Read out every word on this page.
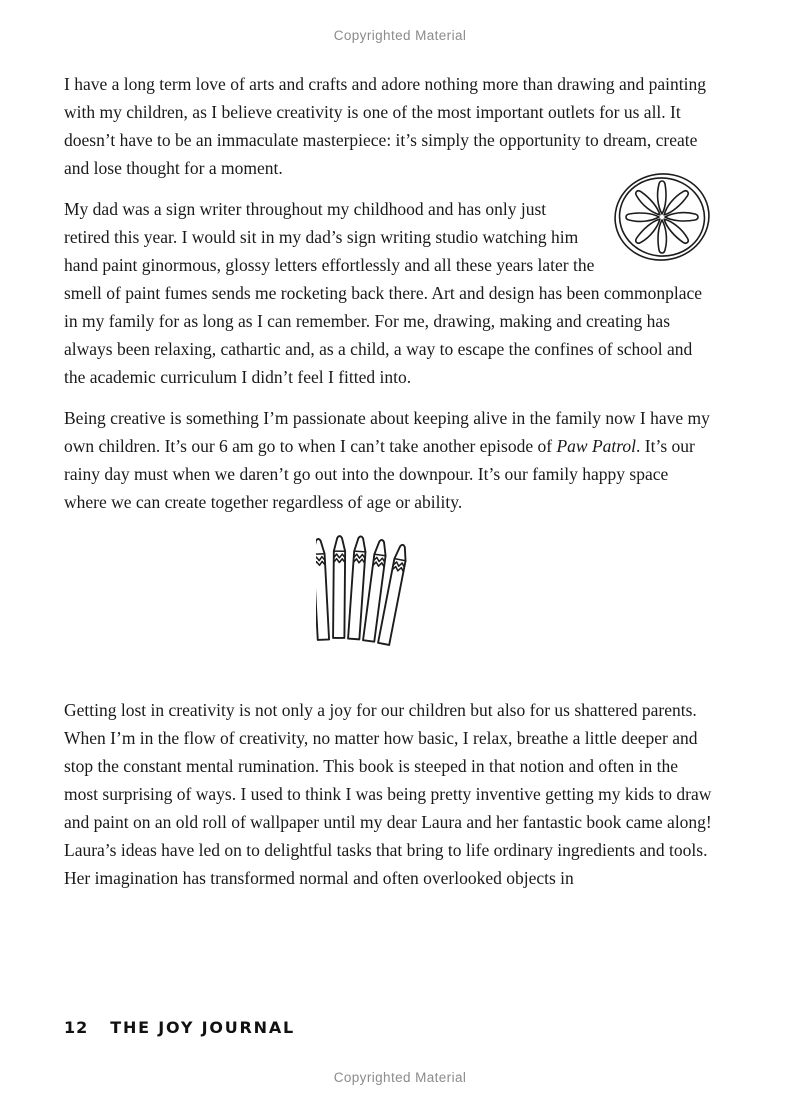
Copyrighted Material

I have a long term love of arts and crafts and adore nothing more than drawing and painting with my children, as I believe creativity is one of the most important outlets for us all. It doesn’t have to be an immaculate masterpiece: it’s simply the opportunity to dream, create and lose thought for a moment.

My dad was a sign writer throughout my childhood and has only just retired this year. I would sit in my dad’s sign writing studio watching him hand paint ginormous, glossy letters effortlessly and all these years later the smell of paint fumes sends me rocketing back there. Art and design has been commonplace in my family for as long as I can remember. For me, drawing, making and creating has always been relaxing, cathartic and, as a child, a way to escape the confines of school and the academic curriculum I didn’t feel I fitted into.

Being creative is something I’m passionate about keeping alive in the family now I have my own children. It’s our 6 am go to when I can’t take another episode of Paw Patrol. It’s our rainy day must when we daren’t go out into the downpour. It’s our family happy space where we can create together regardless of age or ability.

Getting lost in creativity is not only a joy for our children but also for us shattered parents. When I’m in the flow of creativity, no matter how basic, I relax, breathe a little deeper and stop the constant mental rumination. This book is steeped in that notion and often in the most surprising of ways. I used to think I was being pretty inventive getting my kids to draw and paint on an old roll of wallpaper until my dear Laura and her fantastic book came along! Laura’s ideas have led on to delightful tasks that bring to life ordinary ingredients and tools. Her imagination has transformed normal and often overlooked objects in

12 THE JOY JOURNAL
Copyrighted Material
